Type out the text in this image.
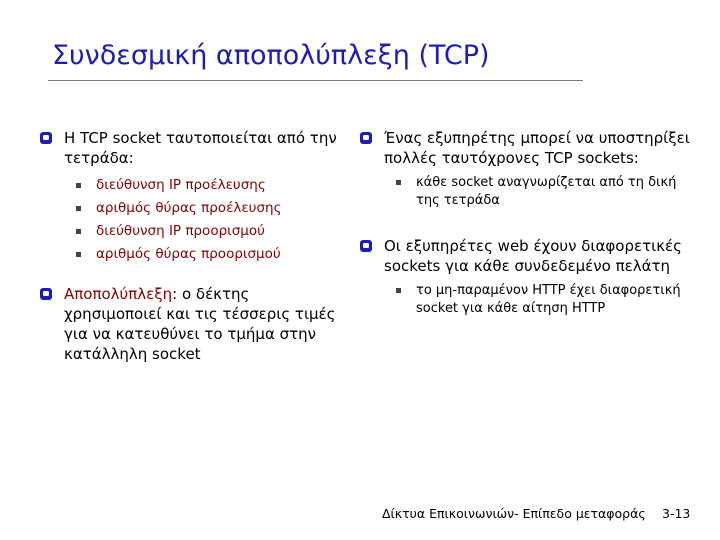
Συνδεσμική αποπολύπλεξη (TCP)
Η TCP socket ταυτοποιείται από την τετράδα:
διεύθυνση IP προέλευσης
αριθμός θύρας προέλευσης
διεύθυνση IP προορισμού
αριθμός θύρας προορισμού
Αποπολύπλεξη: ο δέκτης χρησιμοποιεί και τις τέσσερις τιμές για να κατευθύνει το τμήμα στην κατάλληλη socket
Ένας εξυπηρέτης μπορεί να υποστηρίξει πολλές ταυτόχρονες TCP sockets:
κάθε socket αναγνωρίζεται από τη δική της τετράδα
Οι εξυπηρέτες web έχουν διαφορετικές sockets για κάθε συνδεδεμένο πελάτη
το μη-παραμένον HTTP έχει διαφορετική socket για κάθε αίτηση HTTP
Δίκτυα Επικοινωνιών- Επίπεδο μεταφοράς 3-13
